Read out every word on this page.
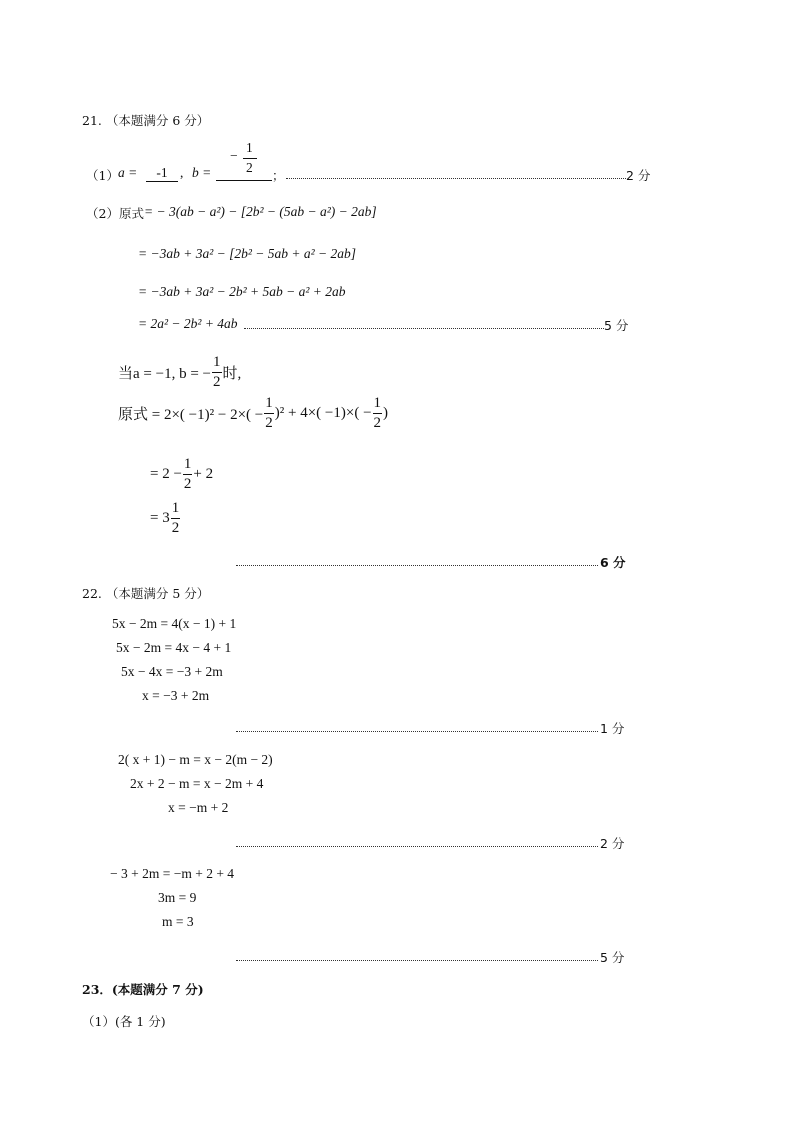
21. （本题满分 6 分）
（1） a =	-1 , b =
−
1
2
；	2 分
（2）原式 = − 3(ab − a²) − [2b² − (5ab − a²) − 2ab]
= −3ab + 3a² − [2b² − 5ab + a² − 2ab]
= −3ab + 3a² − 2b² + 5ab − a² + 2ab
= 2a² − 2b² + 4ab	5 分
当a = −1, b = − $\frac{1}{2}$ 时,
原式 = $2\times( -1)^2 - 2\times( - \frac{1}{2} )^2 + 4\times( -1)\times( - \frac{1}{2}$ )
= $2 - \frac{1}{2} + 2$
= $3 \frac{1}{2}$
6 分
22. （本题满分 5 分）
5x − 2m = 4(x − 1) + 1
5x − 2m = 4x − 4 + 1
5x − 4x = −3 + 2m
x = −3 + 2m
1 分
2( x + 1) − m = x − 2(m − 2)
2x + 2 − m = x − 2m + 4
x = −m + 2
2 分
− 3 + 2m = −m + 2 + 4
3m = 9
m = 3
5 分
23．(本题满分 7 分)
（1）(各 1 分)
